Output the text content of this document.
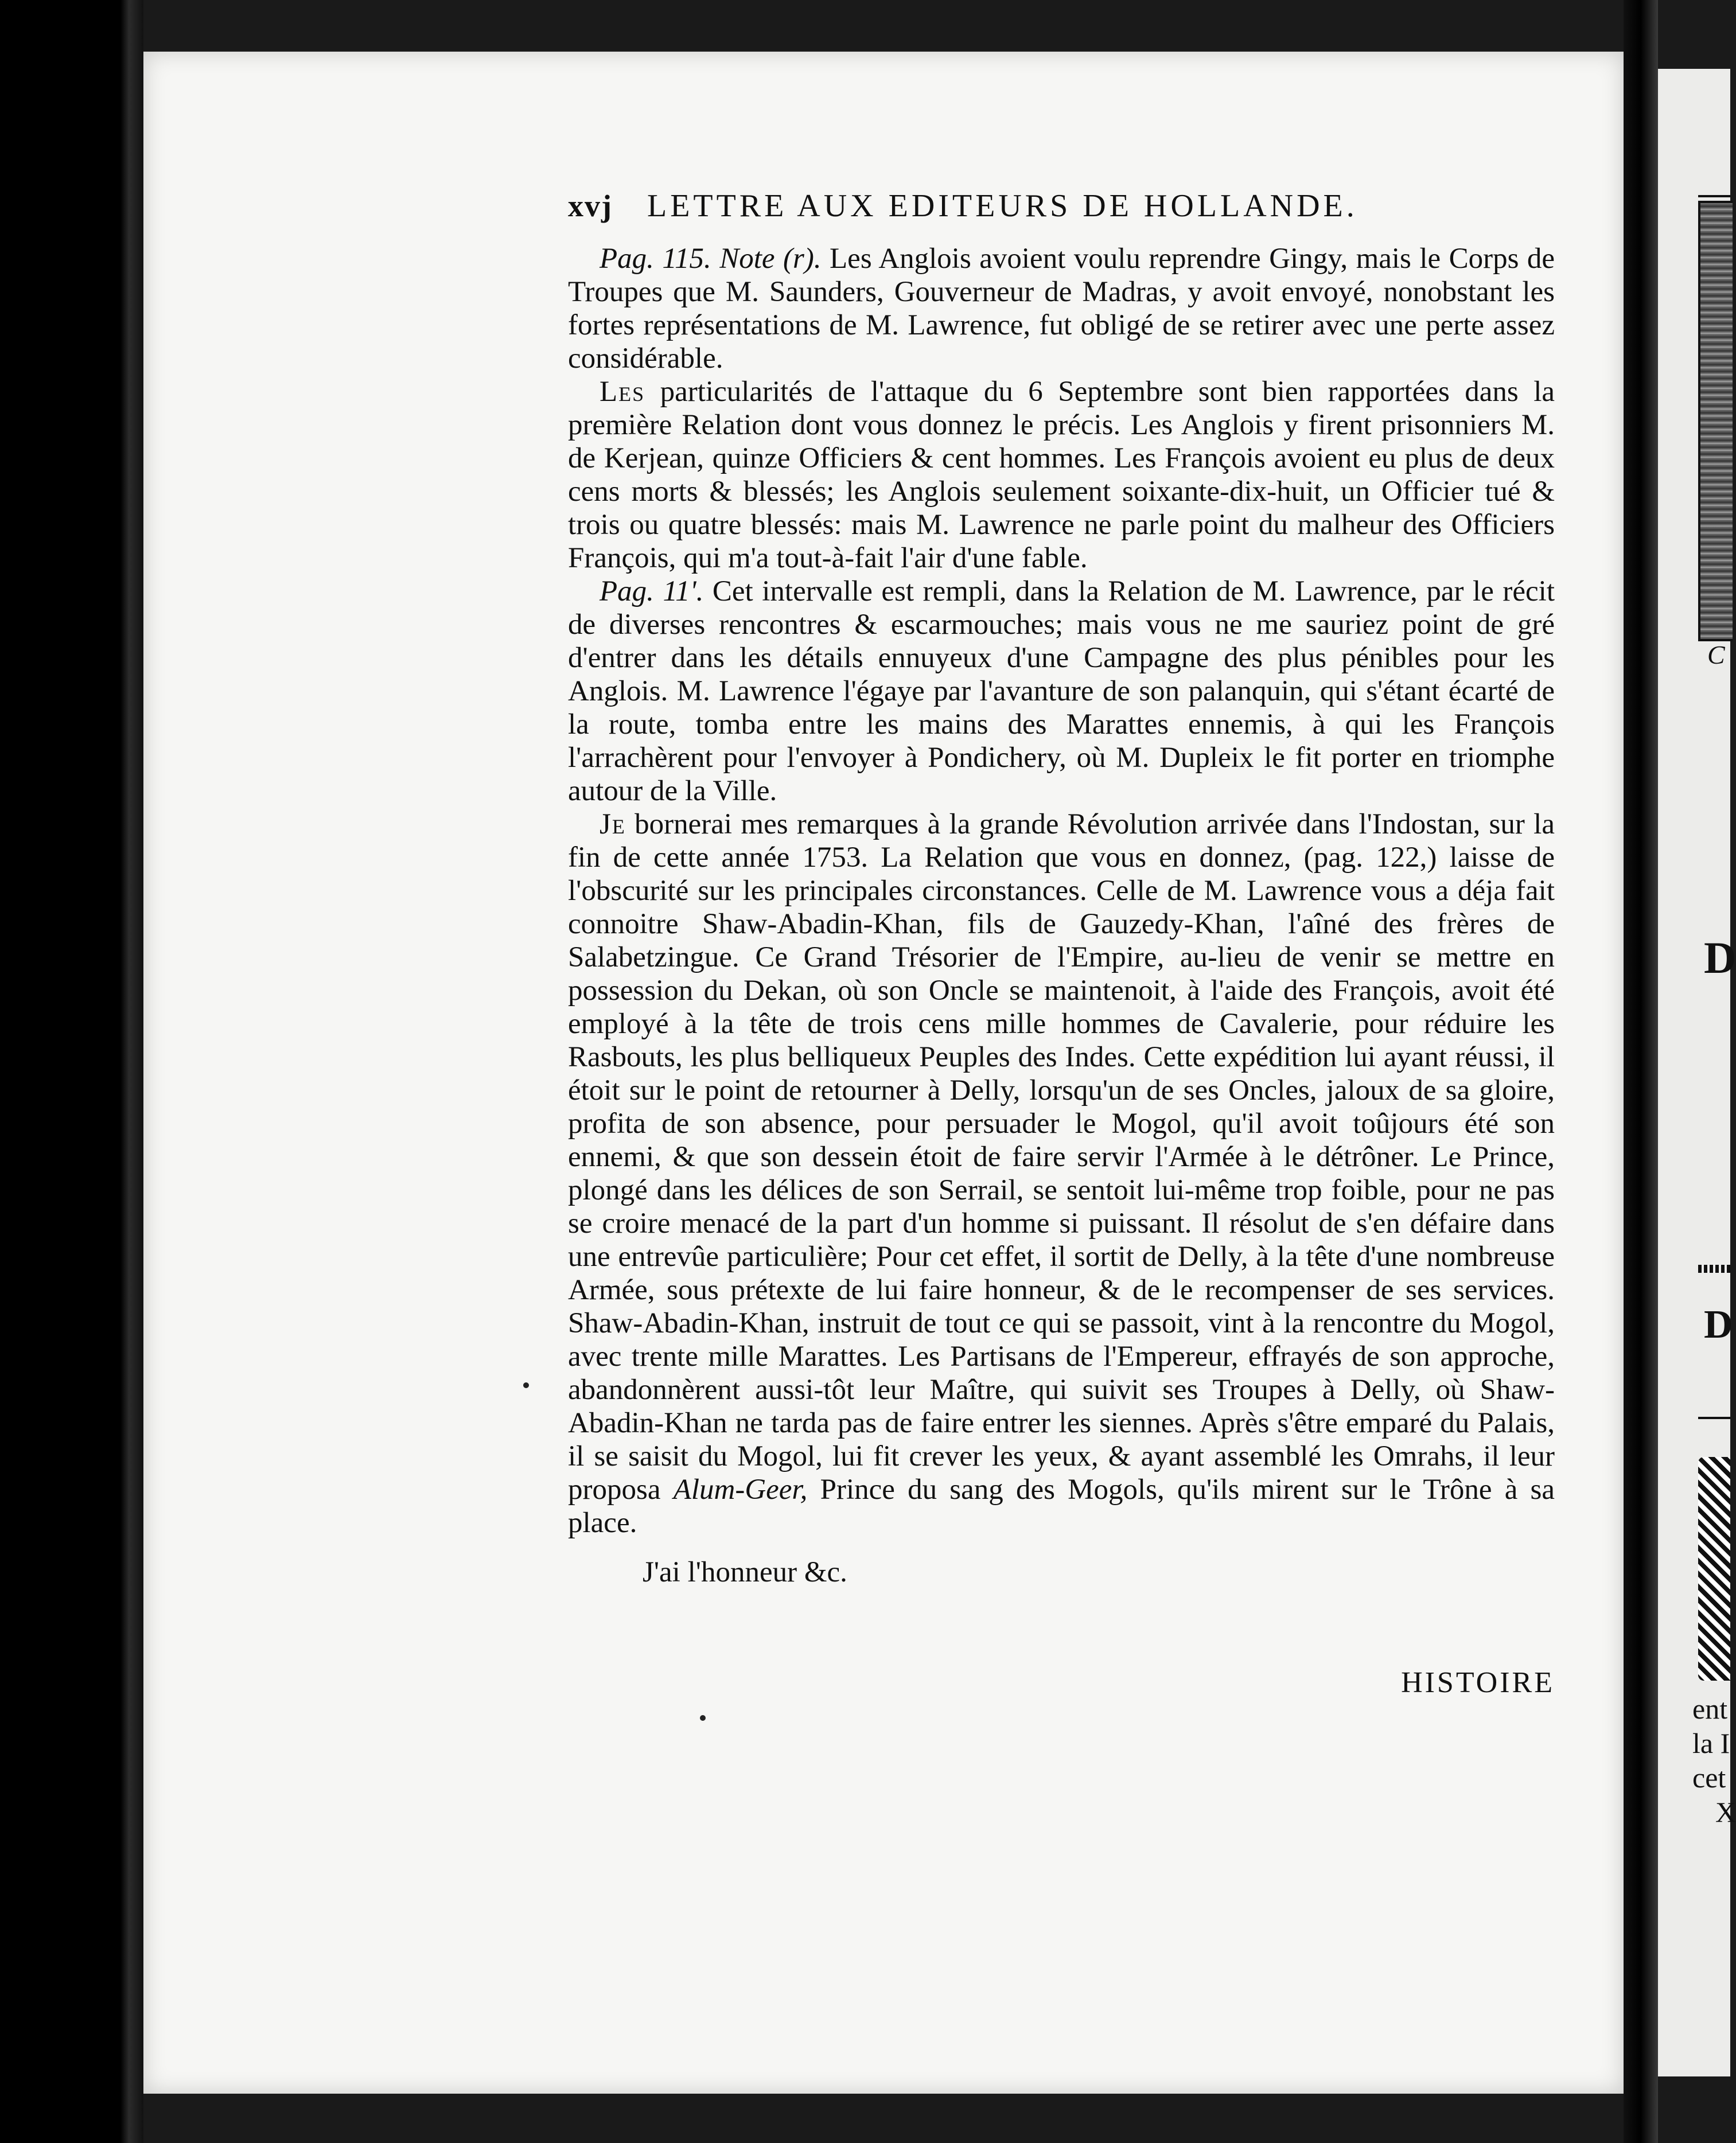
C
D
D
ent
la I
cet
X
xvj LETTRE AUX EDITEURS DE HOLLANDE.

Pag. 115. Note (r). Les Anglois avoient voulu reprendre Gingy, mais le Corps de Troupes que M. Saunders, Gouverneur de Madras, y avoit envoyé, nonobstant les fortes représentations de M. Lawrence, fut obligé de se retirer avec une perte assez considérable.

Les particularités de l'attaque du 6 Septembre sont bien rapportées dans la première Relation dont vous donnez le précis. Les Anglois y firent prisonniers M. de Kerjean, quinze Officiers & cent hommes. Les François avoient eu plus de deux cens morts & blessés; les Anglois seulement soixante-dix-huit, un Officier tué & trois ou quatre blessés: mais M. Lawrence ne parle point du malheur des Officiers François, qui m'a tout-à-fait l'air d'une fable.

Pag. 11'. Cet intervalle est rempli, dans la Relation de M. Lawrence, par le récit de diverses rencontres & escarmouches; mais vous ne me sauriez point de gré d'entrer dans les détails ennuyeux d'une Campagne des plus pénibles pour les Anglois. M. Lawrence l'égaye par l'avanture de son palanquin, qui s'étant écarté de la route, tomba entre les mains des Marattes ennemis, à qui les François l'arrachèrent pour l'envoyer à Pondichery, où M. Dupleix le fit porter en triomphe autour de la Ville.

Je bornerai mes remarques à la grande Révolution arrivée dans l'Indostan, sur la fin de cette année 1753. La Relation que vous en donnez, (pag. 122,) laisse de l'obscurité sur les principales circonstances. Celle de M. Lawrence vous a déja fait connoitre Shaw-Abadin-Khan, fils de Gauzedy-Khan, l'aîné des frères de Salabetzingue. Ce Grand Trésorier de l'Empire, au-lieu de venir se mettre en possession du Dekan, où son Oncle se maintenoit, à l'aide des François, avoit été employé à la tête de trois cens mille hommes de Cavalerie, pour réduire les Rasbouts, les plus belliqueux Peuples des Indes. Cette expédition lui ayant réussi, il étoit sur le point de retourner à Delly, lorsqu'un de ses Oncles, jaloux de sa gloire, profita de son absence, pour persuader le Mogol, qu'il avoit toûjours été son ennemi, & que son dessein étoit de faire servir l'Armée à le détrôner. Le Prince, plongé dans les délices de son Serrail, se sentoit lui-même trop foible, pour ne pas se croire menacé de la part d'un homme si puissant. Il résolut de s'en défaire dans une entrevûe particulière; Pour cet effet, il sortit de Delly, à la tête d'une nombreuse Armée, sous prétexte de lui faire honneur, & de le recompenser de ses services. Shaw-Abadin-Khan, instruit de tout ce qui se passoit, vint à la rencontre du Mogol, avec trente mille Marattes. Les Partisans de l'Empereur, effrayés de son approche, abandonnèrent aussi-tôt leur Maître, qui suivit ses Troupes à Delly, où Shaw-Abadin-Khan ne tarda pas de faire entrer les siennes. Après s'être emparé du Palais, il se saisit du Mogol, lui fit crever les yeux, & ayant assemblé les Omrahs, il leur proposa Alum-Geer, Prince du sang des Mogols, qu'ils mirent sur le Trône à sa place.

J'ai l'honneur &c.

HISTOIRE
